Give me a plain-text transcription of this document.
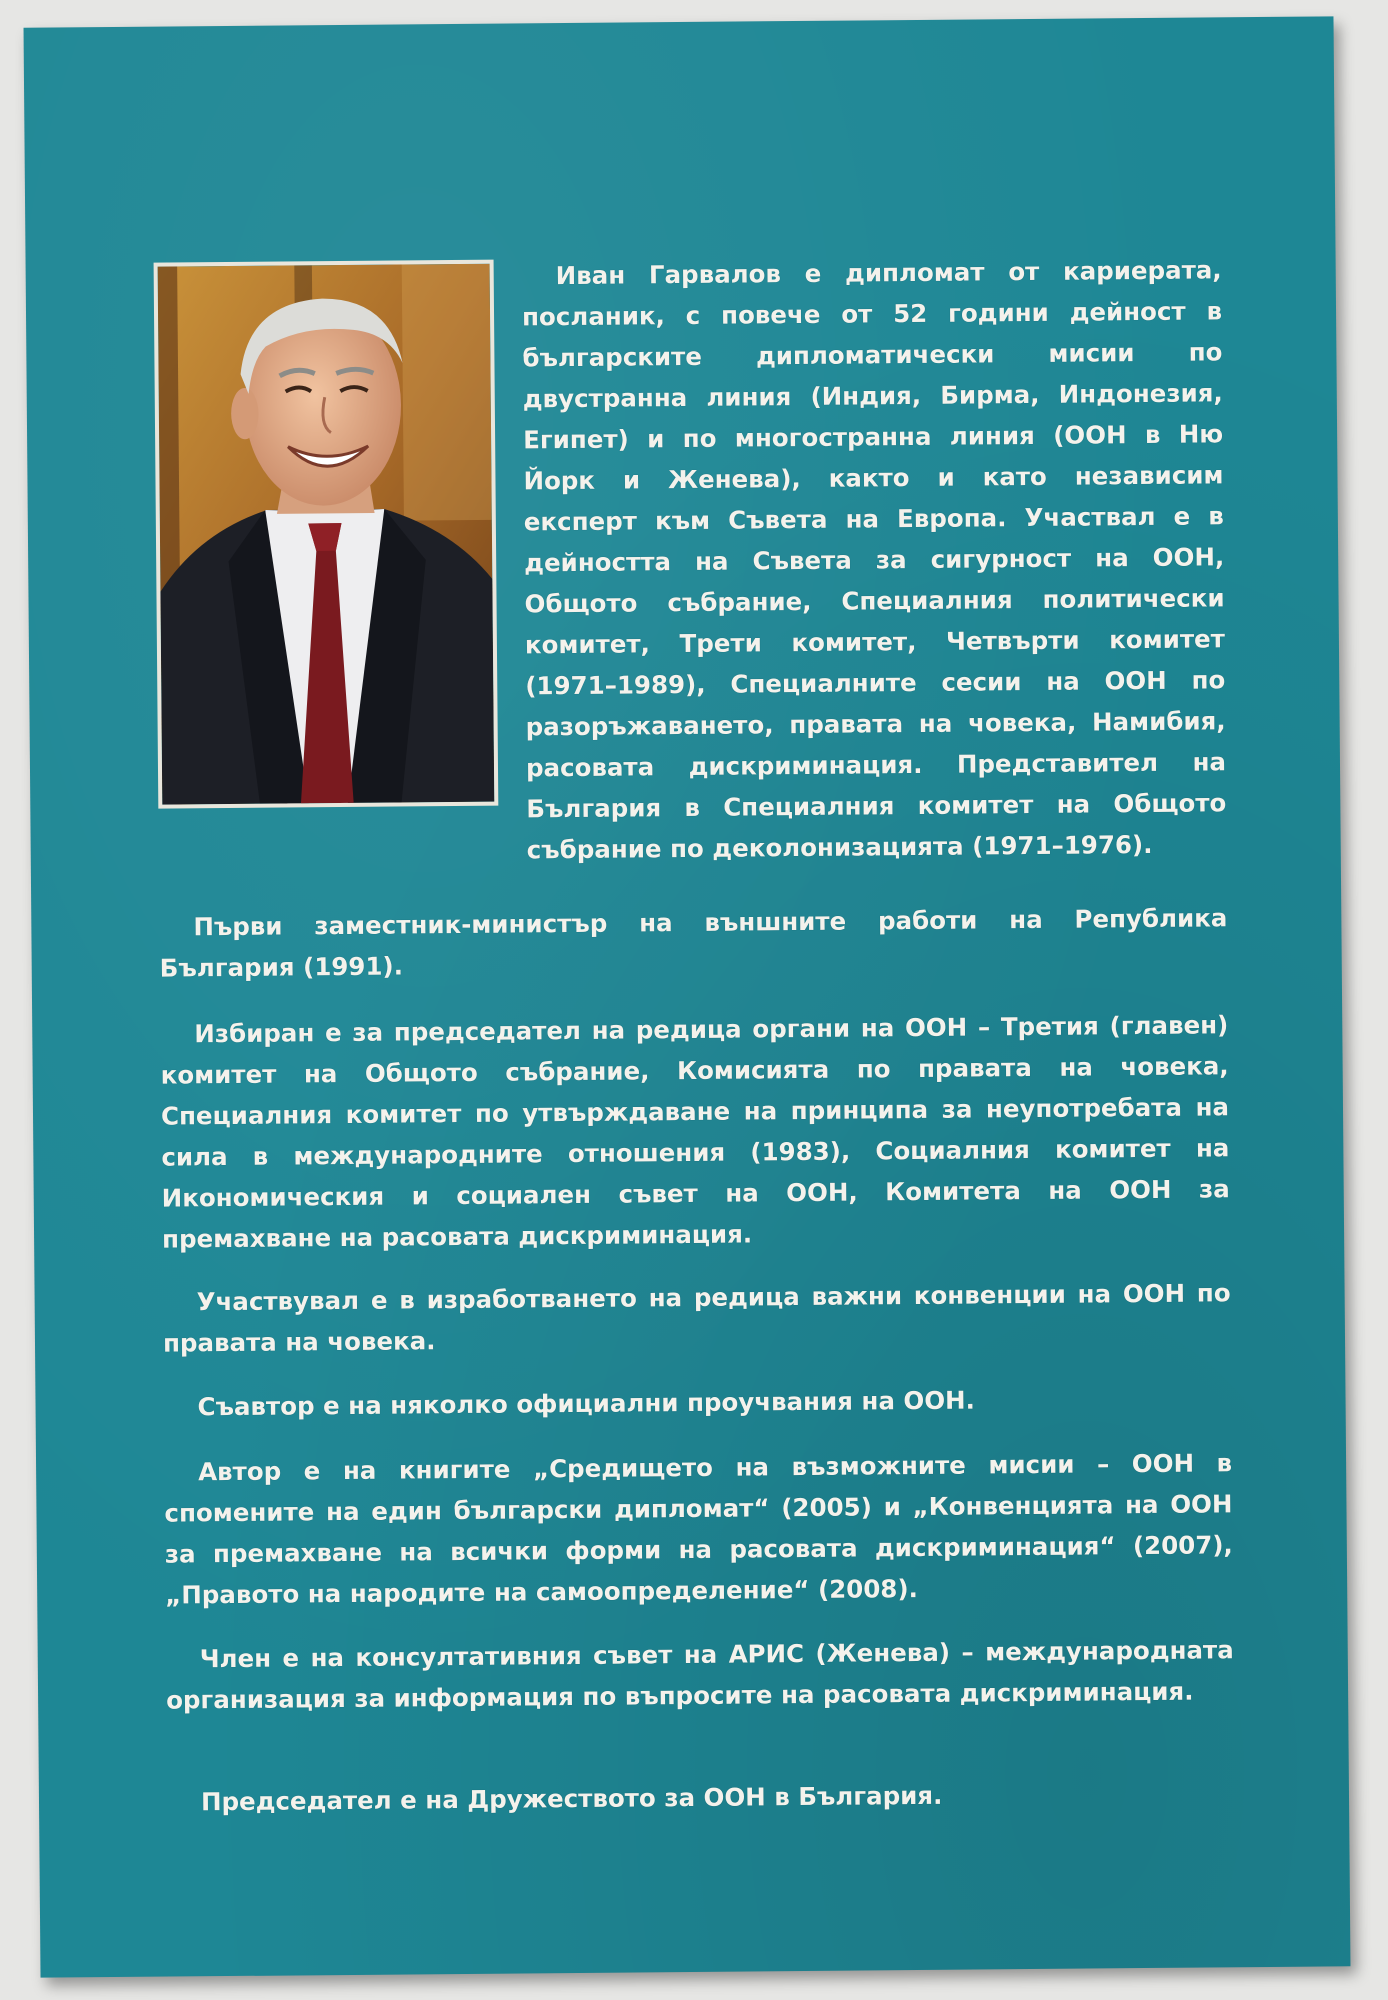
Иван Гарвалов е дипломат от кариерата, посланик, с повече от 52 години дейност в българските дипломатически мисии по двустранна линия (Индия, Бирма, Индонезия, Египет) и по многостранна линия (ООН в Ню Йорк и Женева), както и като независим експерт към Съвета на Европа. Участвал е в дейността на Съвета за сигурност на ООН, Общото събрание, Специалния политически комитет, Трети комитет, Четвърти комитет (1971–1989), Специалните сесии на ООН по разоръжаването, правата на човека, Намибия, расовата дискриминация. Представител на България в Специалния комитет на Общото събрание по деколонизацията (1971–1976).

Първи заместник-министър на външните работи на Република България (1991).

Избиран е за председател на редица органи на ООН – Третия (главен) комитет на Общото събрание, Комисията по правата на човека, Специалния комитет по утвърждаване на принципа за неупотребата на сила в международните отношения (1983), Социалния комитет на Икономическия и социален съвет на ООН, Комитета на ООН за премахване на расовата дискриминация.

Участвувал е в изработването на редица важни конвенции на ООН по правата на човека.

Съавтор е на няколко официални проучвания на ООН.

Автор е на книгите „Средището на възможните мисии – ООН в спомените на един български дипломат“ (2005) и „Конвенцията на ООН за премахване на всички форми на расовата дискриминация“ (2007), „Правото на народите на самоопределение“ (2008).

Член е на консултативния съвет на АРИС (Женева) – международната организация за информация по въпросите на расовата дискриминация.

Председател е на Дружеството за ООН в България.
